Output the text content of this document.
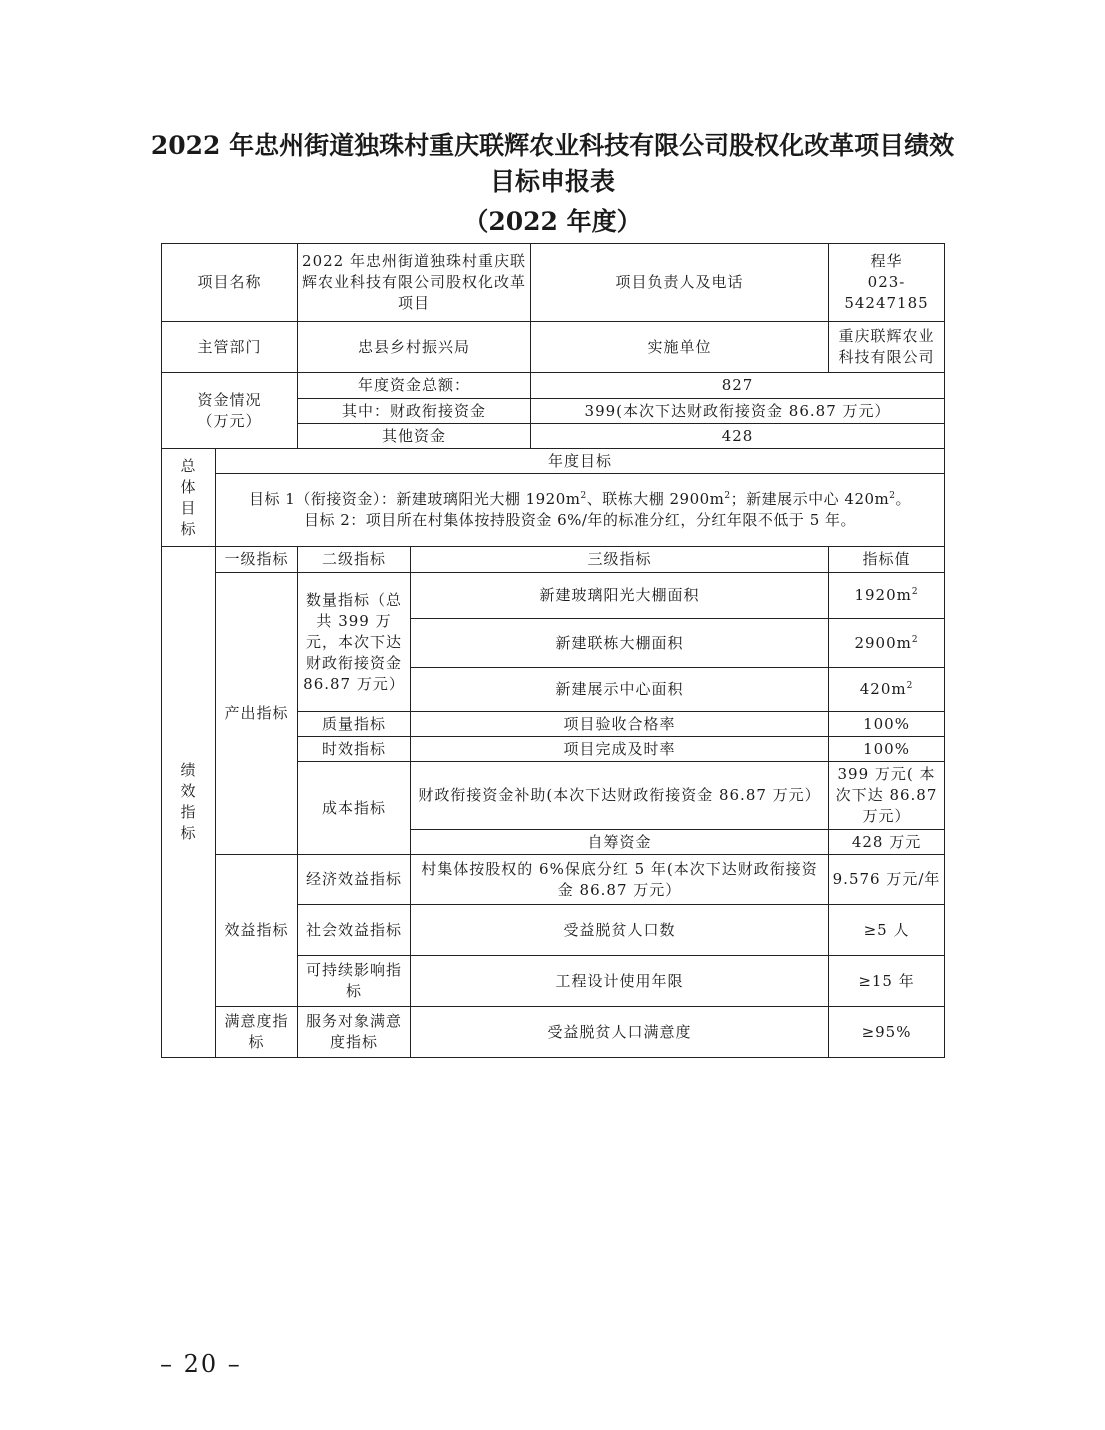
2022 年忠州街道独珠村重庆联辉农业科技有限公司股权化改革项目绩效
目标申报表
（2022 年度）
项目名称		2022 年忠州街道独珠村重庆联辉农业科技有限公司股权化改革项目		项目负责人及电话	程华
023-54247185

主管部门		忠县乡村振兴局		实施单位	重庆联辉农业科技有限公司

资金情况
（万元）		年度资金总额：		827	
		其中：财政衔接资金		399(本次下达财政衔接资金 86.87 万元）	
		其他资金		428	

总
体
目
标	年度目标				

	目标 1（衔接资金）：新建玻璃阳光大棚 $1920m^2$、联栋大棚 $2900m^2$；新建展示中心 $420m^2$。
目标 2：项目所在村集体按持股资金 6%/年的标准分红，分红年限不低于 5 年。				

绩
效
指
标	一级指标	二级指标	三级指标		指标值
	产出指标	数量指标（总共 399 万元，本次下达财政衔接资金 86.87 万元）	新建玻璃阳光大棚面积		$1920m^2$
			新建联栋大棚面积		$2900m^2$
			新建展示中心面积		$420m^2$
		质量指标	项目验收合格率		100%
		时效指标	项目完成及时率		100%
		成本指标	财政衔接资金补助(本次下达财政衔接资金 86.87 万元）		399 万元( 本次下达 86.87 万元）
			自筹资金		428 万元
	效益指标	经济效益指标	村集体按股权的 6%保底分红 5 年(本次下达财政衔接资金 86.87 万元）		9.576 万元/年
		社会效益指标	受益脱贫人口数		≥5 人
		可持续影响指标	工程设计使用年限		≥15 年
	满意度指标	服务对象满意度指标	受益脱贫人口满意度		≥95%
– 20 –
